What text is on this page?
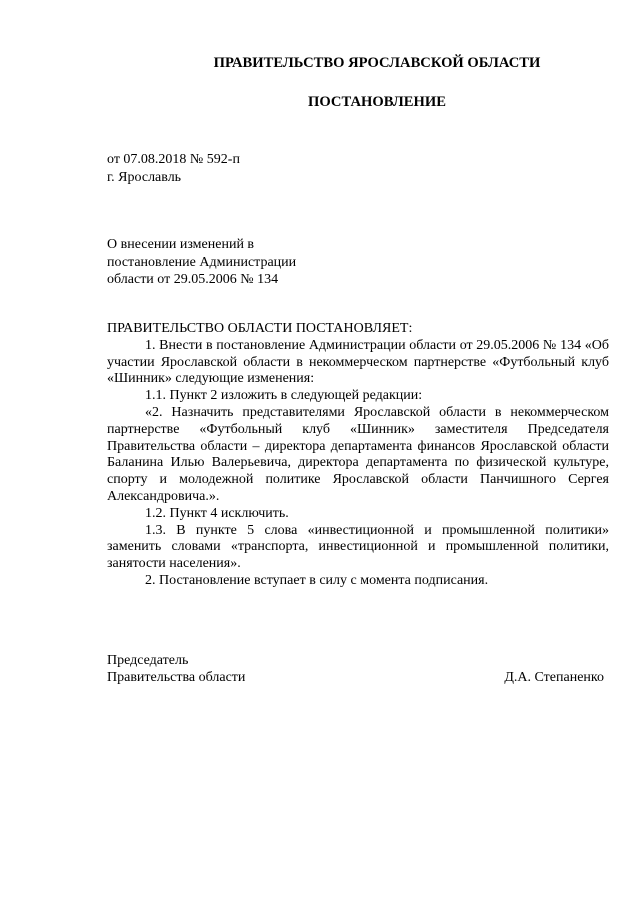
ПРАВИТЕЛЬСТВО ЯРОСЛАВСКОЙ ОБЛАСТИ

ПОСТАНОВЛЕНИЕ

от 07.08.2018 № 592-п
г. Ярославль
О внесении изменений в
постановление Администрации
области от 29.05.2006 № 134

ПРАВИТЕЛЬСТВО ОБЛАСТИ ПОСТАНОВЛЯЕТ:

1. Внести в постановление Администрации области от 29.05.2006 № 134 «Об участии Ярославской области в некоммерческом партнерстве «Футбольный клуб «Шинник» следующие изменения:

1.1. Пункт 2 изложить в следующей редакции:

«2. Назначить представителями Ярославской области в некоммерческом партнерстве «Футбольный клуб «Шинник» заместителя Председателя Правительства области – директора департамента финансов Ярославской области Баланина Илью Валерьевича, директора департамента по физической культуре, спорту и молодежной политике Ярославской области Панчишного Сергея Александровича.».

1.2. Пункт 4 исключить.

1.3. В пункте 5 слова «инвестиционной и промышленной политики» заменить словами «транспорта, инвестиционной и промышленной политики, занятости населения».

2. Постановление вступает в силу с момента подписания.

Председатель
Правительства области	Д.А. Степаненко
